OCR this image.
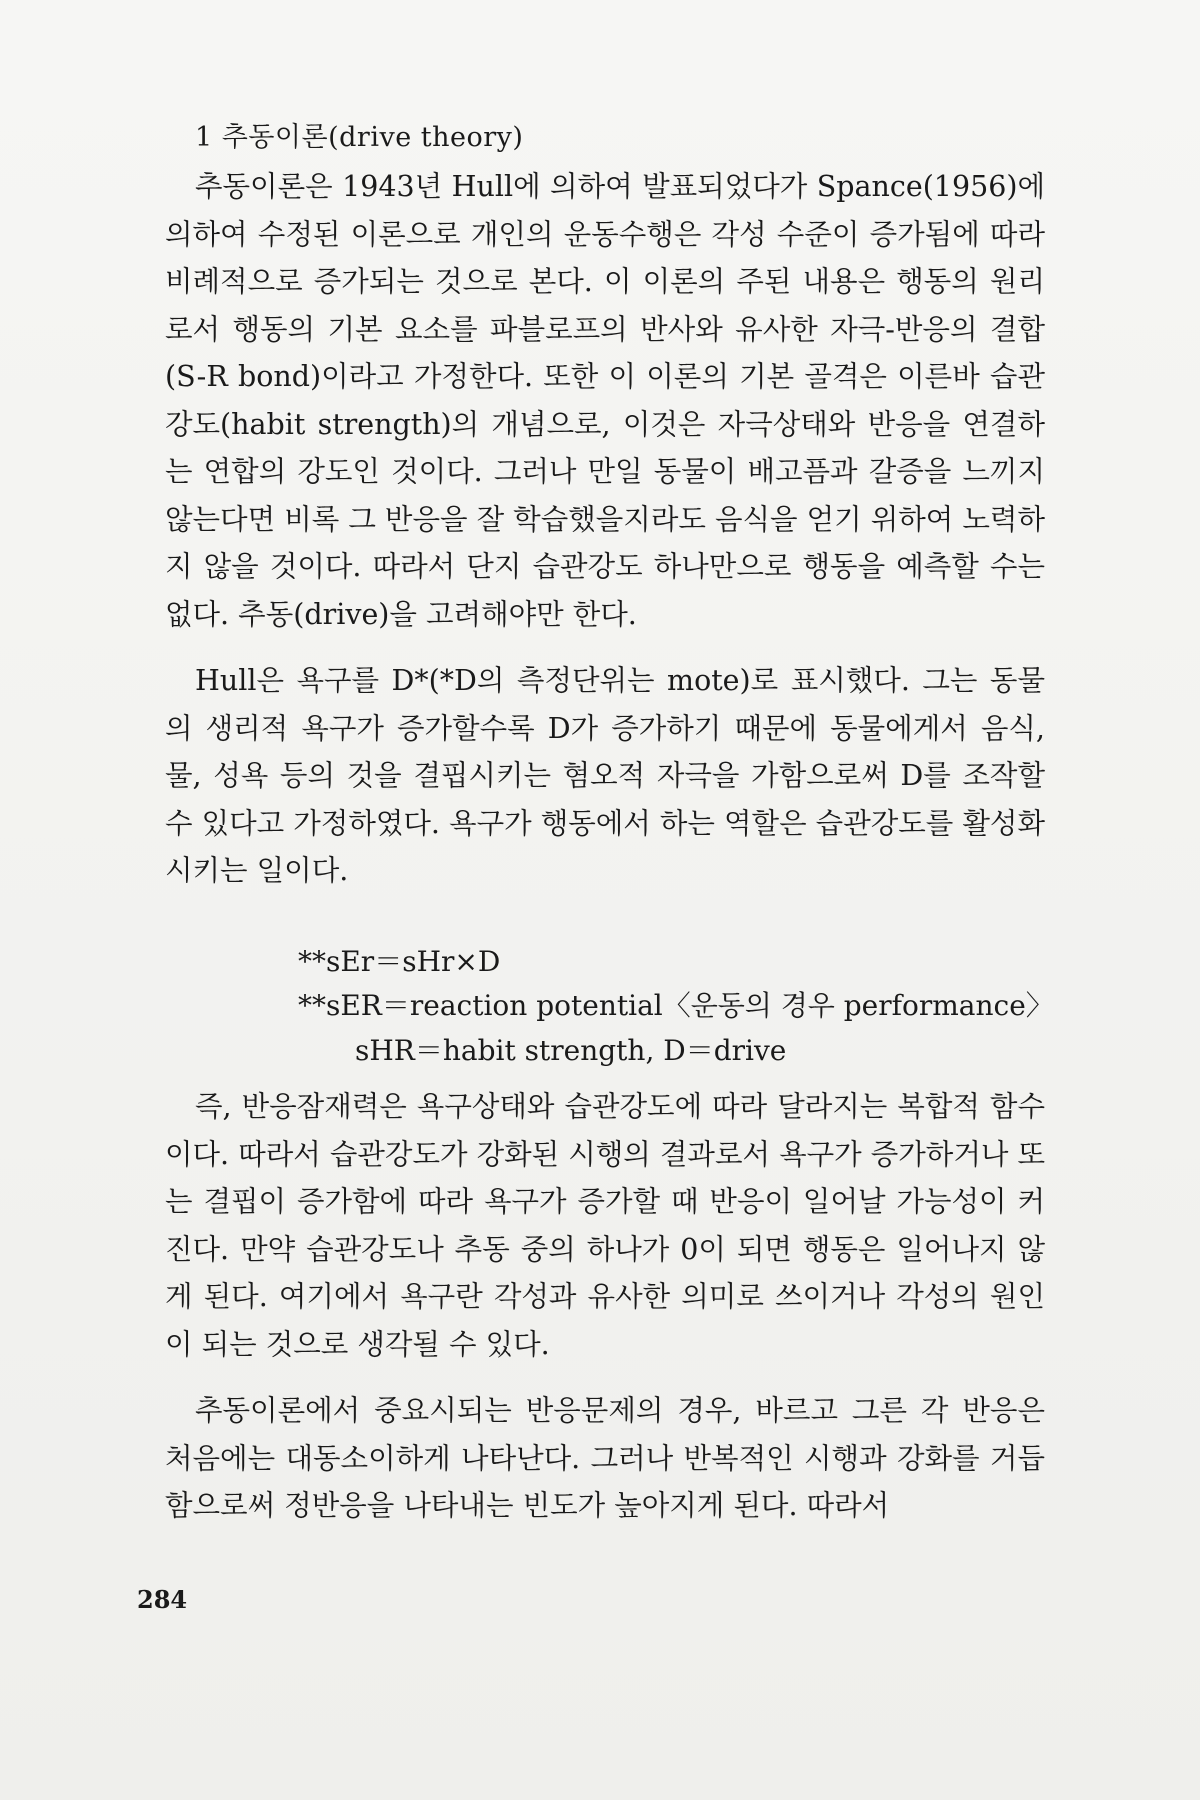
1 추동이론(drive theory)

추동이론은 1943년 Hull에 의하여 발표되었다가 Spance(1956)에 의하여 수정된 이론으로 개인의 운동수행은 각성 수준이 증가됨에 따라 비례적으로 증가되는 것으로 본다. 이 이론의 주된 내용은 행동의 원리로서 행동의 기본 요소를 파블로프의 반사와 유사한 자극-반응의 결합(S-R bond)이라고 가정한다. 또한 이 이론의 기본 골격은 이른바 습관강도(habit strength)의 개념으로, 이것은 자극상태와 반응을 연결하는 연합의 강도인 것이다. 그러나 만일 동물이 배고픔과 갈증을 느끼지 않는다면 비록 그 반응을 잘 학습했을지라도 음식을 얻기 위하여 노력하지 않을 것이다. 따라서 단지 습관강도 하나만으로 행동을 예측할 수는 없다. 추동(drive)을 고려해야만 한다.

Hull은 욕구를 D*(*D의 측정단위는 mote)로 표시했다. 그는 동물의 생리적 욕구가 증가할수록 D가 증가하기 때문에 동물에게서 음식, 물, 성욕 등의 것을 결핍시키는 혐오적 자극을 가함으로써 D를 조작할 수 있다고 가정하였다. 욕구가 행동에서 하는 역할은 습관강도를 활성화시키는 일이다.

**sEr＝sHr×D
**sER＝reaction potential〈운동의 경우 performance〉
sHR＝habit strength, D＝drive

즉, 반응잠재력은 욕구상태와 습관강도에 따라 달라지는 복합적 함수이다. 따라서 습관강도가 강화된 시행의 결과로서 욕구가 증가하거나 또는 결핍이 증가함에 따라 욕구가 증가할 때 반응이 일어날 가능성이 커진다. 만약 습관강도나 추동 중의 하나가 0이 되면 행동은 일어나지 않게 된다. 여기에서 욕구란 각성과 유사한 의미로 쓰이거나 각성의 원인이 되는 것으로 생각될 수 있다.

추동이론에서 중요시되는 반응문제의 경우, 바르고 그른 각 반응은 처음에는 대동소이하게 나타난다. 그러나 반복적인 시행과 강화를 거듭함으로써 정반응을 나타내는 빈도가 높아지게 된다. 따라서

284
